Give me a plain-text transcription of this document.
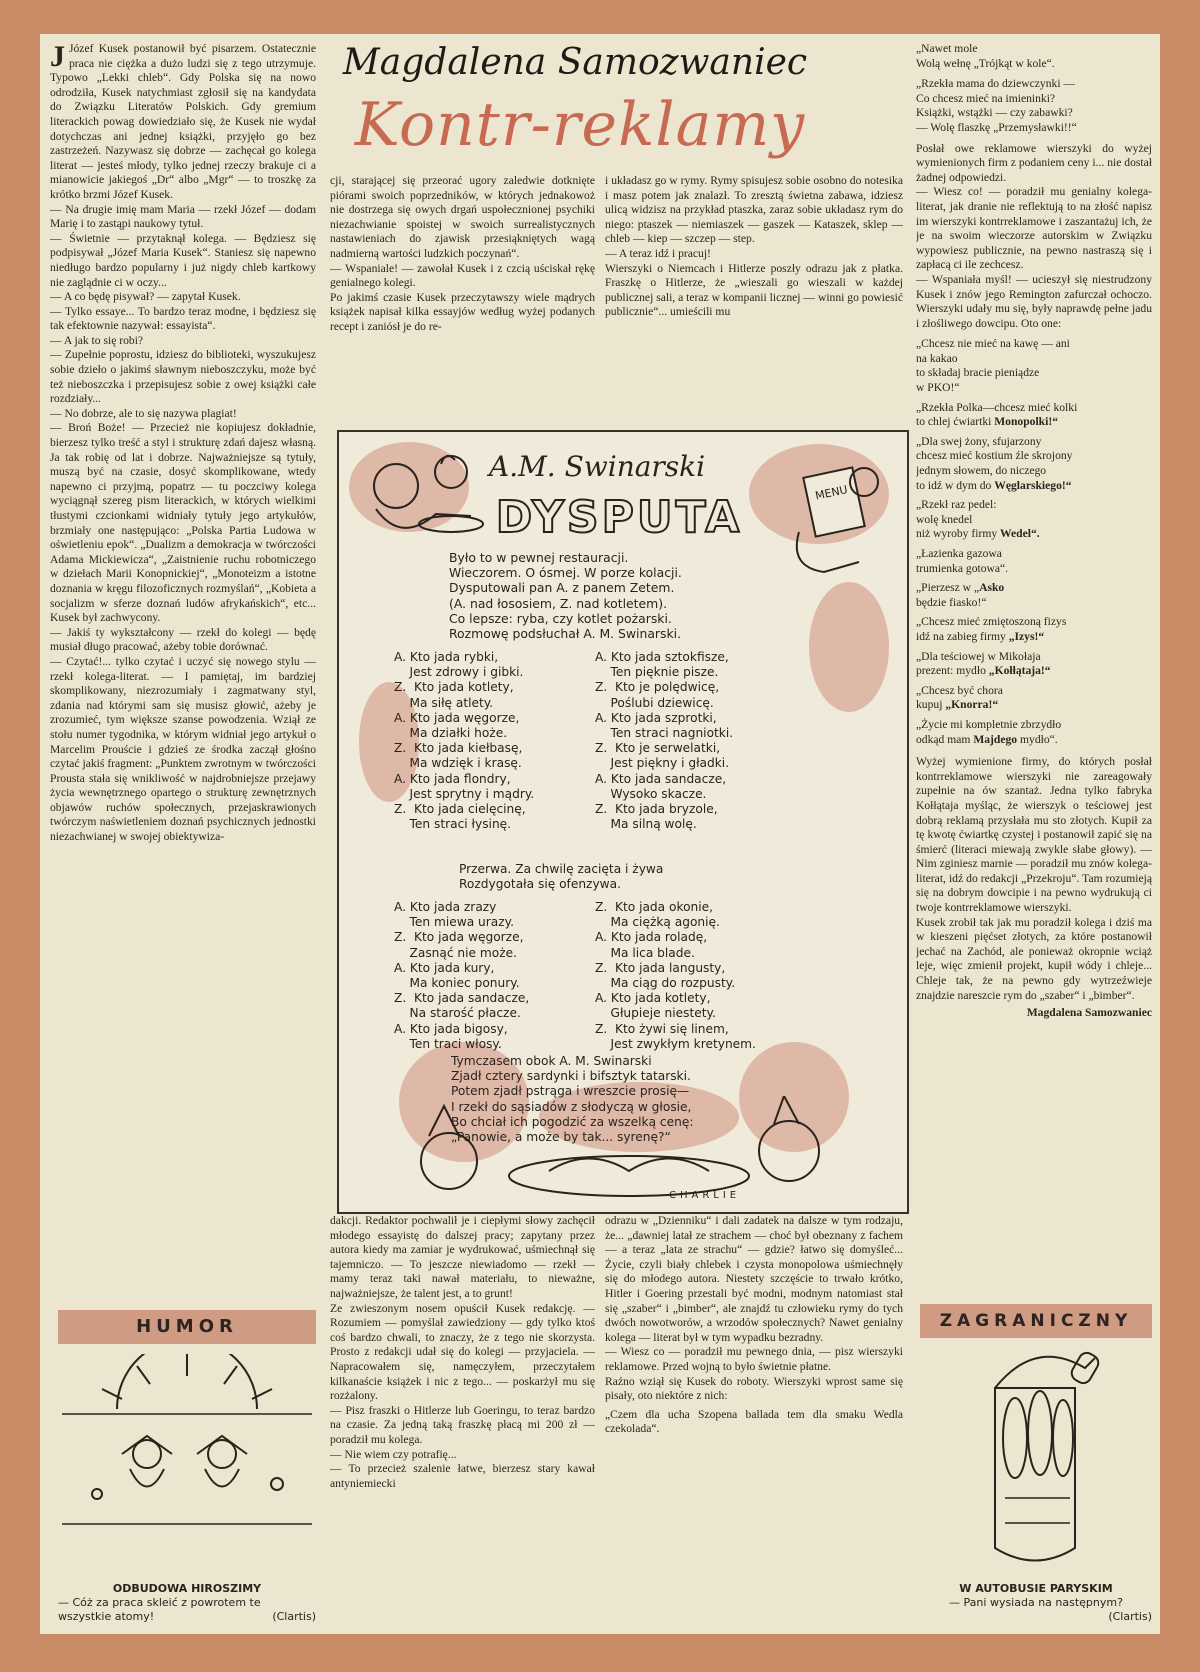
J Józef Kusek postanowił być pisarzem. Ostatecznie praca nie ciężka a dużo ludzi się z tego utrzymuje. Typowo „Lekki chleb“. Gdy Polska się na nowo odrodziła, Kusek natychmiast zgłosił się na kandydata do Związku Literatów Polskich. Gdy gremium literackich powag dowiedziało się, że Kusek nie wydał dotychczas ani jednej książki, przyjęło go bez zastrzeżeń. Nazywasz się dobrze — zachęcał go kolega literat — jesteś młody, tylko jednej rzeczy brakuje ci a mianowicie jakiegoś „Dr“ albo „Mgr“ — to troszkę za krótko brzmi Józef Kusek.

— Na drugie imię mam Maria — rzekł Józef — dodam Marię i to zastąpi naukowy tytuł.

— Świetnie — przytaknął kolega. — Będziesz się podpisywał „Józef Maria Kusek“. Staniesz się napewno niedługo bardzo popularny i już nigdy chleb kartkowy nie zaglądnie ci w oczy...

— A co będę pisywał? — zapytał Kusek.

— Tylko essaye... To bardzo teraz modne, i będziesz się tak efektownie nazywał: essayista“.

— A jak to się robi?

— Zupełnie poprostu, idziesz do biblioteki, wyszukujesz sobie dzieło o jakimś sławnym nieboszczyku, może być też nieboszczka i przepisujesz sobie z owej książki całe rozdziały...

— No dobrze, ale to się nazywa plagiat!

— Broń Boże! — Przecież nie kopiujesz dokładnie, bierzesz tylko treść a styl i strukturę zdań dajesz własną. Ja tak robię od lat i dobrze. Najważniejsze są tytuły, muszą być na czasie, dosyć skomplikowane, wtedy napewno ci przyjmą, popatrz — tu poczciwy kolega wyciągnął szereg pism literackich, w których wielkimi tłustymi czcionkami widniały tytuły jego artykułów, brzmiały one następująco: „Polska Partia Ludowa w oświetleniu epok“. „Dualizm a demokracja w twórczości Adama Mickiewicza“, „Zaistnienie ruchu robotniczego w dziełach Marii Konopnickiej“, „Monoteizm a istotne doznania w kręgu filozoficznych rozmyślań“, „Kobieta a socjalizm w sferze doznań ludów afrykańskich“, etc... Kusek był zachwycony.

— Jakiś ty wykształcony — rzekł do kolegi — będę musiał długo pracować, ażeby tobie dorównać.

— Czytać!... tylko czytać i uczyć się nowego stylu — rzekł kolega-literat. — I pamiętaj, im bardziej skomplikowany, niezrozumiały i zagmatwany styl, zdania nad którymi sam się musisz głowić, ażeby je zrozumieć, tym większe szanse powodzenia. Wziął ze stołu numer tygodnika, w którym widniał jego artykuł o Marcelim Prouście i gdzieś ze środka zaczął głośno czytać jakiś fragment: „Punktem zwrotnym w twórczości Prousta stała się wnikliwość w najdrobniejsze przejawy życia wewnętrznego opartego o strukturę zewnętrznych objawów ruchów społecznych, przejaskrawionych twórczym naświetleniem doznań psychicznych jednostki niezachwianej w swojej obiektywiza-

Magdalena Samozwaniec
Kontr-reklamy

cji, starającej się przeorać ugory zaledwie dotknięte piórami swoich poprzedników, w których jednakowoż nie dostrzega się owych drgań uspołecznionej psychiki niezachwianie spoistej w swoich surrealistycznych nastawieniach do zjawisk przesiąkniętych wagą nadmierną wartości ludzkich poczynań“.

— Wspaniale! — zawołał Kusek i z czcią uściskał rękę genialnego kolegi.

Po jakimś czasie Kusek przeczytawszy wiele mądrych książek napisał kilka essayjów według wyżej podanych recept i zaniósł je do re-

i układasz go w rymy. Rymy spisujesz sobie osobno do notesika i masz potem jak znalazł. To zresztą świetna zabawa, idziesz ulicą widzisz na przykład ptaszka, zaraz sobie układasz rym do niego: ptaszek — niemiaszek — gaszek — Kataszek, sklep — chleb — kiep — szczep — step.

— A teraz idź i pracuj!

Wierszyki o Niemcach i Hitlerze poszły odrazu jak z płatka. Fraszkę o Hitlerze, że „wieszali go wieszali w każdej publicznej sali, a teraz w kompanii licznej — winni go powiesić publicznie“... umieścili mu

MENU
A.M. Swinarski
DYSPUTA
Było to w pewnej restauracji.
Wieczorem. O ósmej. W porze kolacji.
Dysputowali pan A. z panem Zetem.
(A. nad łososiem, Z. nad kotletem).
Co lepsze: ryba, czy kotlet pożarski.
Rozmowę podsłuchał A. M. Swinarski.
A. Kto jada rybki,
Jest zdrowy i gibki.
Z.  Kto jada kotlety,
Ma siłę atlety.
A. Kto jada węgorze,
Ma działki hoże.
Z.  Kto jada kiełbasę,
Ma wdzięk i krasę.
A. Kto jada flondry,
Jest sprytny i mądry.
Z.  Kto jada cielęcinę,
Ten straci łysinę.
A. Kto jada sztokfisze,
Ten pięknie pisze.
Z.  Kto je polędwicę,
Poślubi dziewicę.
A. Kto jada szprotki,
Ten straci nagniotki.
Z.  Kto je serwelatki,
Jest piękny i gładki.
A. Kto jada sandacze,
Wysoko skacze.
Z.  Kto jada bryzole,
Ma silną wolę.
Przerwa. Za chwilę zacięta i żywa
Rozdygotała się ofenzywa.
A. Kto jada zrazy
Ten miewa urazy.
Z.  Kto jada węgorze,
Zasnąć nie może.
A. Kto jada kury,
Ma koniec ponury.
Z.  Kto jada sandacze,
Na starość płacze.
A. Kto jada bigosy,
Ten traci włosy.
Z.  Kto jada okonie,
Ma ciężką agonię.
A. Kto jada roladę,
Ma lica blade.
Z.  Kto jada langusty,
Ma ciąg do rozpusty.
A. Kto jada kotlety,
Głupieje niestety.
Z.  Kto żywi się linem,
Jest zwykłym kretynem.
Tymczasem obok A. M. Swinarski
Zjadł cztery sardynki i bifsztyk tatarski.
Potem zjadł pstrąga i wreszcie prosię—
I rzekł do sąsiadów z słodyczą w głosie,
Bo chciał ich pogodzić za wszelką cenę:
„Panowie, a może by tak... syrenę?“
CHARLIE

dakcji. Redaktor pochwalił je i ciepłymi słowy zachęcił młodego essayistę do dalszej pracy; zapytany przez autora kiedy ma zamiar je wydrukować, uśmiechnął się tajemniczo. — To jeszcze niewiadomo — rzekł — mamy teraz taki nawał materiału, to nieważne, najważniejsze, że talent jest, a to grunt!

Ze zwieszonym nosem opuścił Kusek redakcję. — Rozumiem — pomyślał zawiedziony — gdy tylko ktoś coś bardzo chwali, to znaczy, że z tego nie skorzysta. Prosto z redakcji udał się do kolegi — przyjaciela. — Napracowałem się, namęczyłem, przeczytałem kilkanaście książek i nic z tego... — poskarżył mu się rozżalony.

— Pisz fraszki o Hitlerze lub Goeringu, to teraz bardzo na czasie. Za jedną taką fraszkę płacą mi 200 zł — poradził mu kolega.

— Nie wiem czy potrafię...

— To przecież szalenie łatwe, bierzesz stary kawał antyniemiecki

odrazu w „Dzienniku“ i dali zadatek na dalsze w tym rodzaju, że... „dawniej latał ze strachem — choć był obeznany z fachem — a teraz „lata ze strachu“ — gdzie? łatwo się domyśleć... Życie, czyli biały chlebek i czysta monopolowa uśmiechnęły się do młodego autora. Niestety szczęście to trwało krótko, Hitler i Goering przestali być modni, modnym natomiast stał się „szaber“ i „bimber“, ale znajdź tu człowieku rymy do tych dwóch nowotworów, a wrzodów społecznych? Nawet genialny kolega — literat był w tym wypadku bezradny.

— Wiesz co — poradził mu pewnego dnia, — pisz wierszyki reklamowe. Przed wojną to było świetnie płatne.

Raźno wziął się Kusek do roboty. Wierszyki wprost same się pisały, oto niektóre z nich:

„Czem dla ucha Szopena ballada tem dla smaku Wedla czekolada“.

„Nawet mole
Wolą wełnę „Trójkąt w kole“.

„Rzekła mama do dziewczynki —
Co chcesz mieć na imieninki?
Książki, wstążki — czy zabawki?
— Wolę flaszkę „Przemysławki!!“

Posłał owe reklamowe wierszyki do wyżej wymienionych firm z podaniem ceny i... nie dostał żadnej odpowiedzi.

— Wiesz co! — poradził mu genialny kolega-literat, jak dranie nie reflektują to na złość napisz im wierszyki kontrreklamowe i zaszantażuj ich, że je na swoim wieczorze autorskim w Związku wypowiesz publicznie, na pewno nastraszą się i zapłacą ci ile zechcesz.

— Wspaniała myśl! — ucieszył się niestrudzony Kusek i znów jego Remington zafurczał ochoczo. Wierszyki udały mu się, były naprawdę pełne jadu i złośliwego dowcipu. Oto one:

„Chcesz nie mieć na kawę — ani
na kakao
to składaj bracie pieniądze
w PKO!“

„Rzekła Polka—chcesz mieć kolki
to chlej ćwiartki Monopolki!“

„Dla swej żony, sfujarzony
chcesz mieć kostium źle skrojony
jednym słowem, do niczego
to idź w dym do Węglarskiego!“

„Rzekł raz pedel:
wolę knedel
niż wyroby firmy Wedel“.

„Łazienka gazowa
trumienka gotowa“.

„Pierzesz w „Asko
będzie fiasko!“

„Chcesz mieć zmiętoszoną fizys
idź na zabieg firmy „Izys!“

„Dla teściowej w Mikołaja
prezent: mydło „Kołłątaja!“

„Chcesz być chora
kupuj „Knorra!“

„Życie mi kompletnie zbrzydło
odkąd mam Majdego mydło“.

Wyżej wymienione firmy, do których posłał kontrreklamowe wierszyki nie zareagowały zupełnie na ów szantaż. Jedna tylko fabryka Kołłątaja myśląc, że wierszyk o teściowej jest dobrą reklamą przysłała mu sto złotych. Kupił za tę kwotę ćwiartkę czystej i postanowił zapić się na śmierć (literaci miewają zwykle słabe głowy). — Nim zginiesz marnie — poradził mu znów kolega-literat, idź do redakcji „Przekroju“. Tam rozumieją się na dobrym dowcipie i na pewno wydrukują ci twoje kontrreklamowe wierszyki.

Kusek zrobił tak jak mu poradził kolega i dziś ma w kieszeni pięćset złotych, za które postanowił jechać na Zachód, ale ponieważ okropnie wciąż leje, więc zmienił projekt, kupił wódy i chleje... Chleje tak, że na pewno gdy wytrzeźwieje znajdzie nareszcie rym do „szaber“ i „bimber“.

Magdalena Samozwaniec

HUMOR
ODBUDOWA HIROSZIMY
— Cóż za praca skleić z powrotem te wszystkie atomy!	(Clartis)
ZAGRANICZNY
W AUTOBUSIE PARYSKIM
— Pani wysiada na następnym?
(Clartis)
